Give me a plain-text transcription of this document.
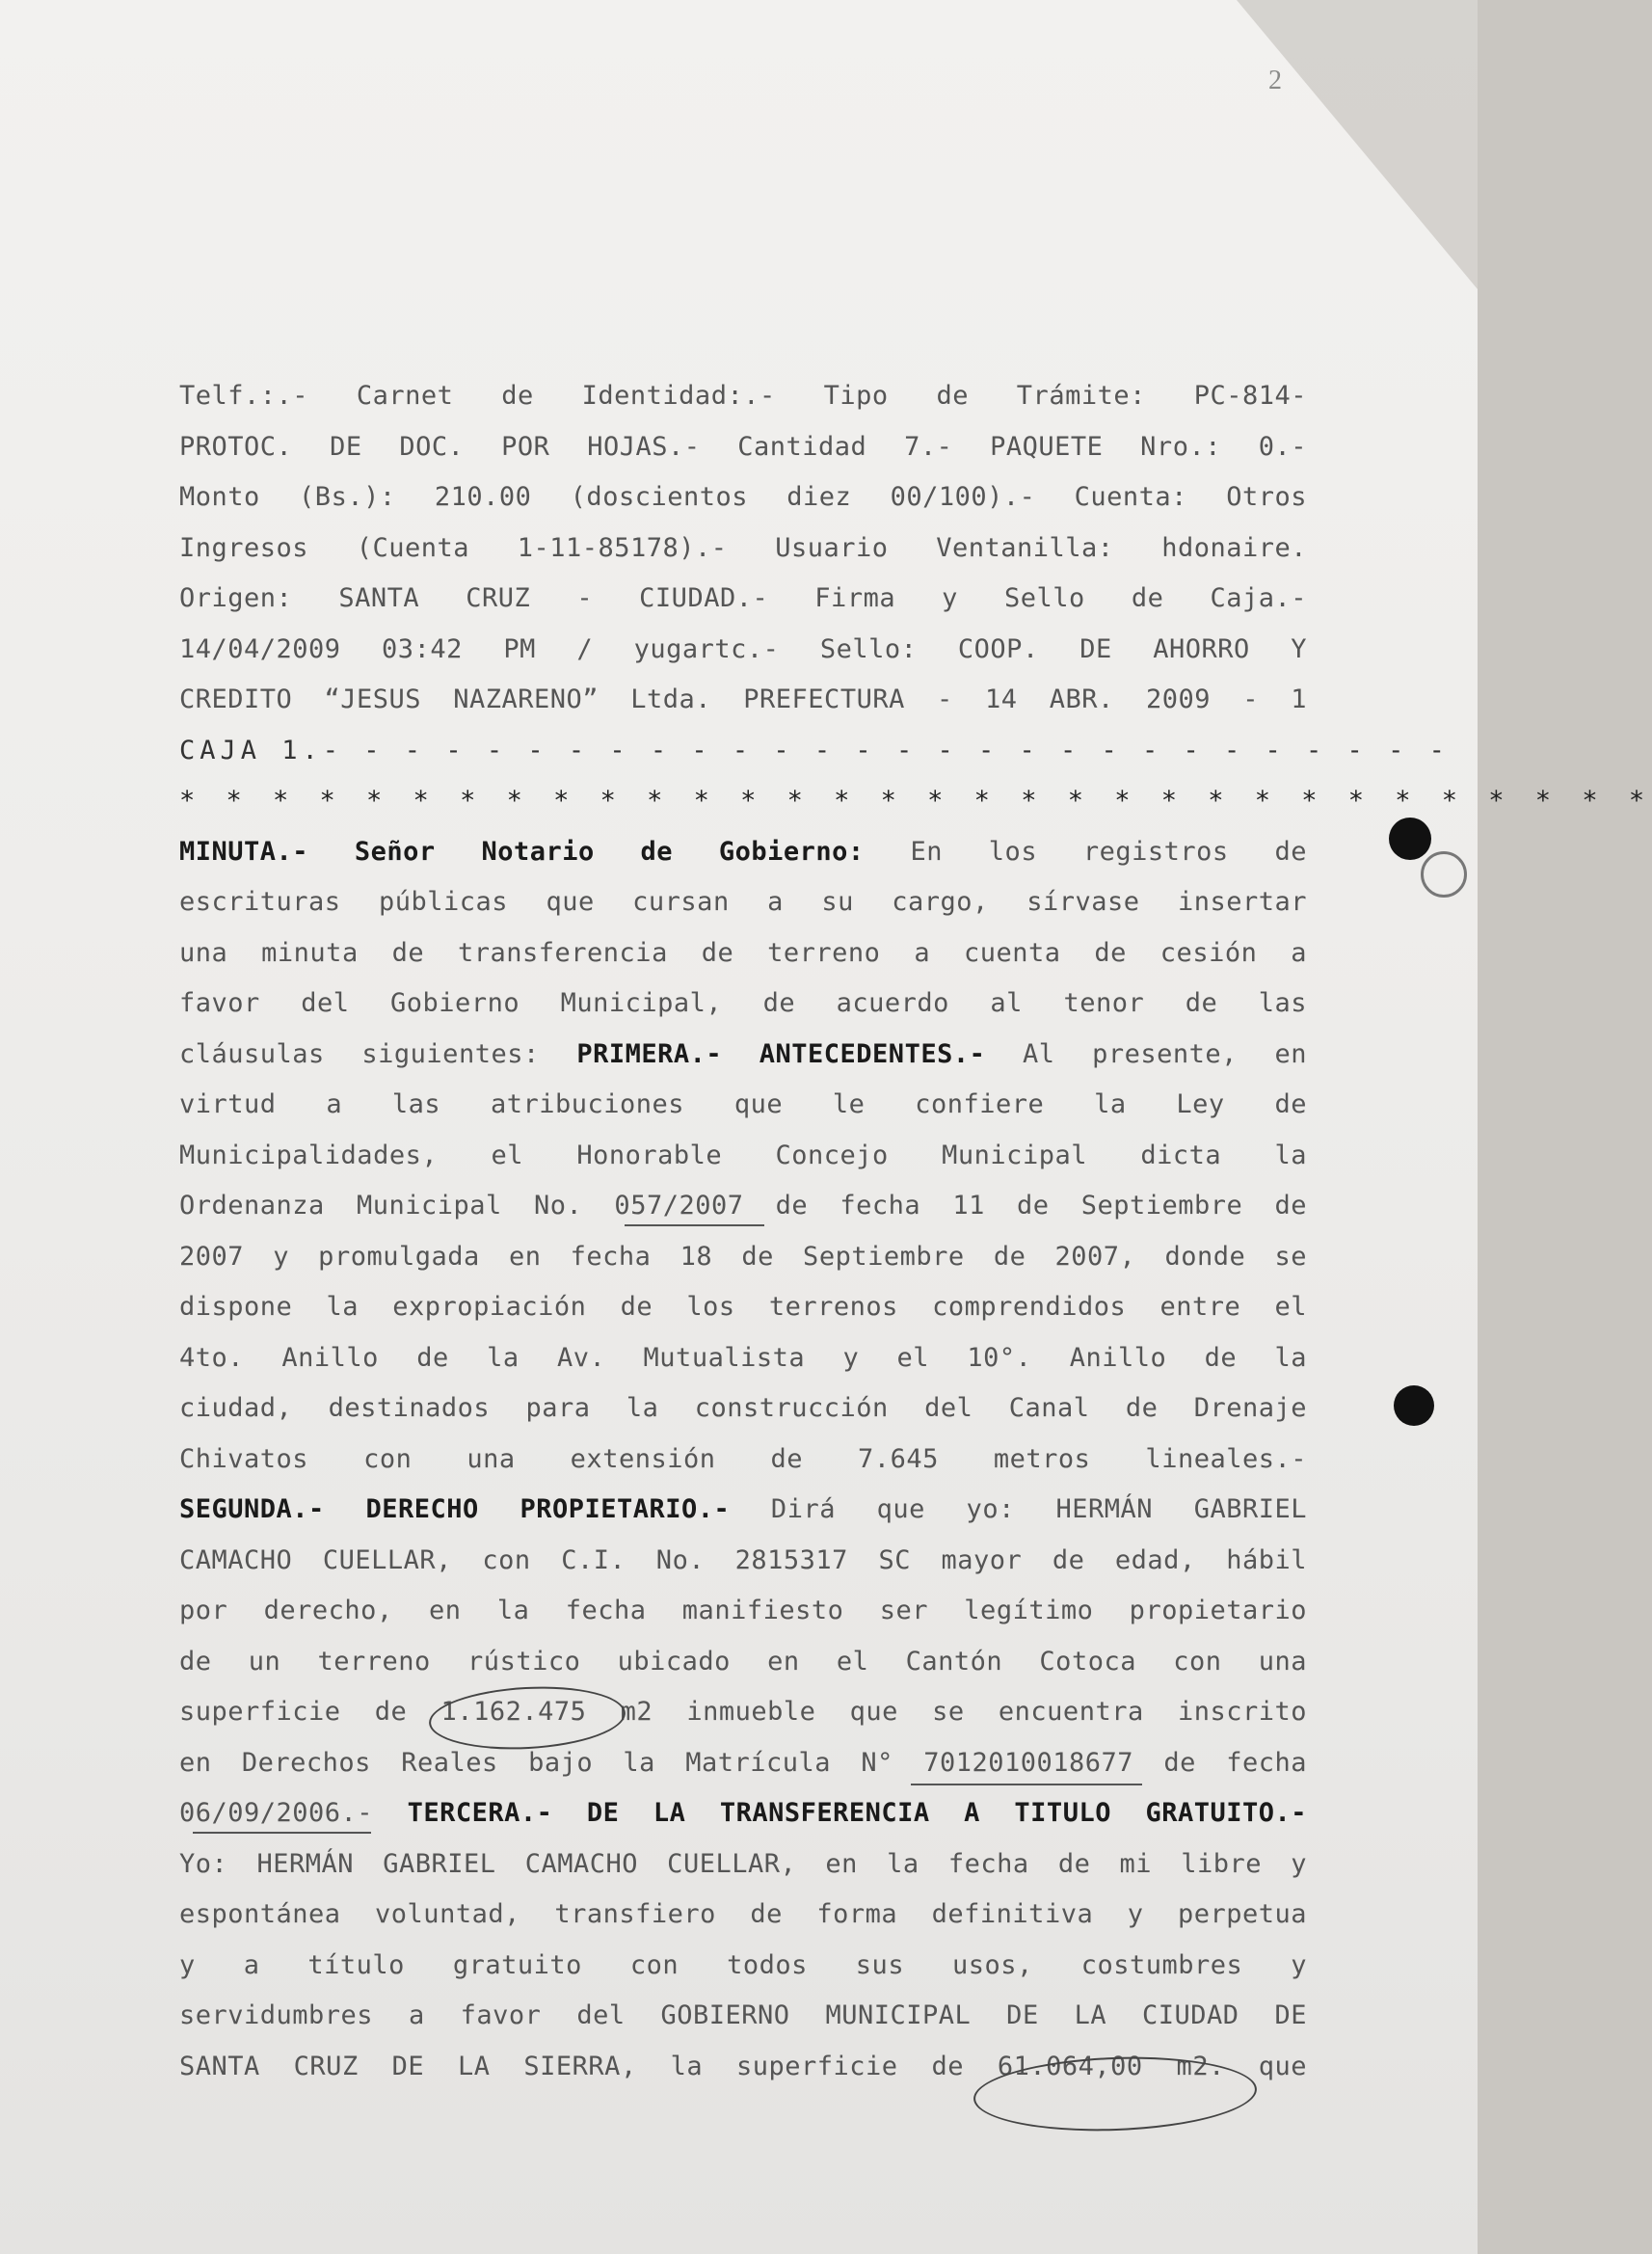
2
Telf.:.- Carnet de Identidad:.- Tipo de Trámite: PC-814-
PROTOC. DE DOC. POR HOJAS.- Cantidad 7.- PAQUETE Nro.: 0.-
Monto (Bs.): 210.00 (doscientos diez 00/100).- Cuenta: Otros
Ingresos (Cuenta 1-11-85178).- Usuario Ventanilla: hdonaire.
Origen: SANTA CRUZ - CIUDAD.- Firma y Sello de Caja.-
14/04/2009 03:42 PM / yugartc.- Sello: COOP. DE AHORRO Y
CREDITO “JESUS NAZARENO” Ltda. PREFECTURA - 14 ABR. 2009 - 1
CAJA 1.- - - - - - - - - - - - - - - - - - - - - - - - - - - -
* * * * * * * * * * * * * * * * * * * * * * * * * * * * * * * *
MINUTA.- Señor Notario de Gobierno: En los registros de
escrituras públicas que cursan a su cargo, sírvase insertar
una minuta de transferencia de terreno a cuenta de cesión a
favor del Gobierno Municipal, de acuerdo al tenor de las
cláusulas siguientes: PRIMERA.- ANTECEDENTES.- Al presente, en
virtud a las atribuciones que le confiere la Ley de
Municipalidades, el Honorable Concejo Municipal dicta la
Ordenanza Municipal No. 057/2007 de fecha 11 de Septiembre de
2007 y promulgada en fecha 18 de Septiembre de 2007, donde se
dispone la expropiación de los terrenos comprendidos entre el
4to. Anillo de la Av. Mutualista y el 10°. Anillo de la
ciudad, destinados para la construcción del Canal de Drenaje
Chivatos con una extensión de 7.645 metros lineales.-
SEGUNDA.- DERECHO PROPIETARIO.- Dirá que yo: HERMÁN GABRIEL
CAMACHO CUELLAR, con C.I. No. 2815317 SC mayor de edad, hábil
por derecho, en la fecha manifiesto ser legítimo propietario
de un terreno rústico ubicado en el Cantón Cotoca con una
superficie de 1.162.475 m2 inmueble que se encuentra inscrito
en Derechos Reales bajo la Matrícula N° 7012010018677 de fecha
06/09/2006.- TERCERA.- DE LA TRANSFERENCIA A TITULO GRATUITO.-
Yo: HERMÁN GABRIEL CAMACHO CUELLAR, en la fecha de mi libre y
espontánea voluntad, transfiero de forma definitiva y perpetua
y a título gratuito con todos sus usos, costumbres y
servidumbres a favor del GOBIERNO MUNICIPAL DE LA CIUDAD DE
SANTA CRUZ DE LA SIERRA, la superficie de 61.064,00 m2. que
